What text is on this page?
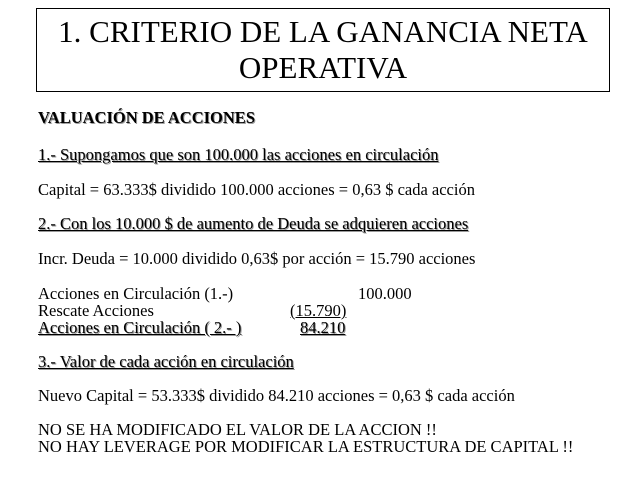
1. CRITERIO DE LA GANANCIA NETA
OPERATIVA
VALUACIÓN DE ACCIONES
1.- Supongamos que son 100.000 las acciones en circulación
Capital = 63.333$ dividido 100.000 acciones = 0,63 $ cada acción
2.- Con los 10.000 $ de aumento de Deuda se adquieren acciones
Incr. Deuda = 10.000 dividido 0,63$ por acción = 15.790 acciones
Acciones en Circulación (1.-)	100.000
Rescate Acciones	(15.790)
Acciones en Circulación ( 2.- )	84.210
3.- Valor de cada acción en circulación
Nuevo Capital = 53.333$ dividido 84.210 acciones = 0,63 $ cada acción
NO SE HA MODIFICADO EL VALOR DE LA ACCION !!
NO HAY LEVERAGE POR MODIFICAR LA ESTRUCTURA DE CAPITAL !!
